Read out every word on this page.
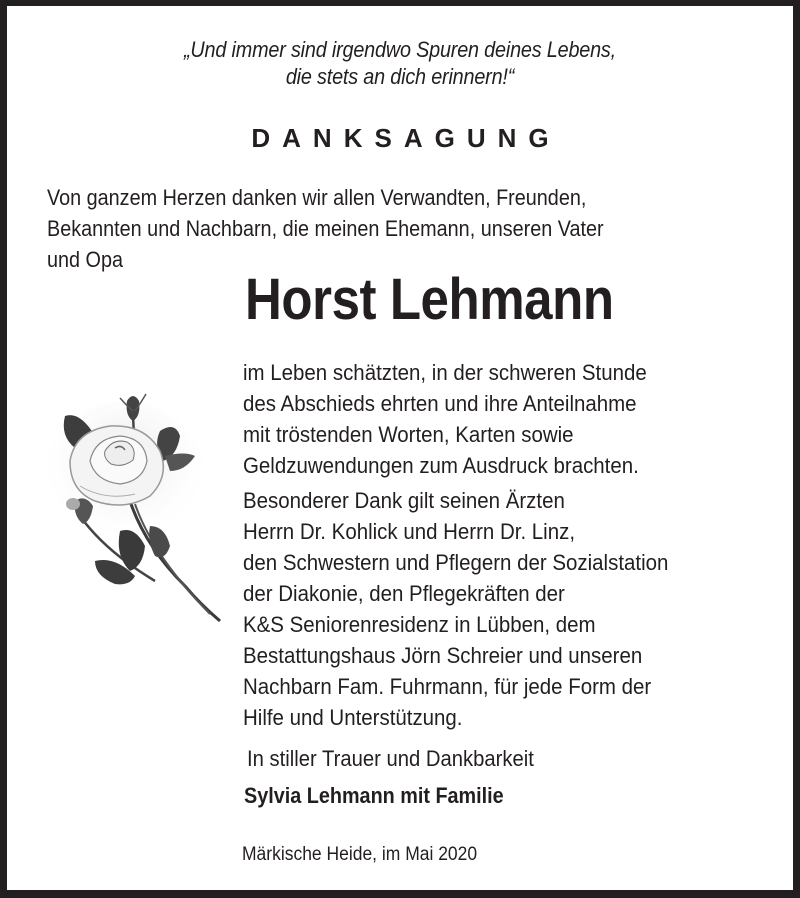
„Und immer sind irgendwo Spuren deines Lebens,
die stets an dich erinnern!“
DANKSAGUNG
Von ganzem Herzen danken wir allen Verwandten, Freunden,
Bekannten und Nachbarn, die meinen Ehemann, unseren Vater
und Opa
Horst Lehmann
im Leben schätzten, in der schweren Stunde
des Abschieds ehrten und ihre Anteilnahme
mit tröstenden Worten, Karten sowie
Geldzuwendungen zum Ausdruck brachten.
Besonderer Dank gilt seinen Ärzten
Herrn Dr. Kohlick und Herrn Dr. Linz,
den Schwestern und Pflegern der Sozialstation
der Diakonie, den Pflegekräften der
K&S Seniorenresidenz in Lübben, dem
Bestattungshaus Jörn Schreier und unseren
Nachbarn Fam. Fuhrmann, für jede Form der
Hilfe und Unterstützung.
In stiller Trauer und Dankbarkeit
Sylvia Lehmann mit Familie
Märkische Heide, im Mai 2020
